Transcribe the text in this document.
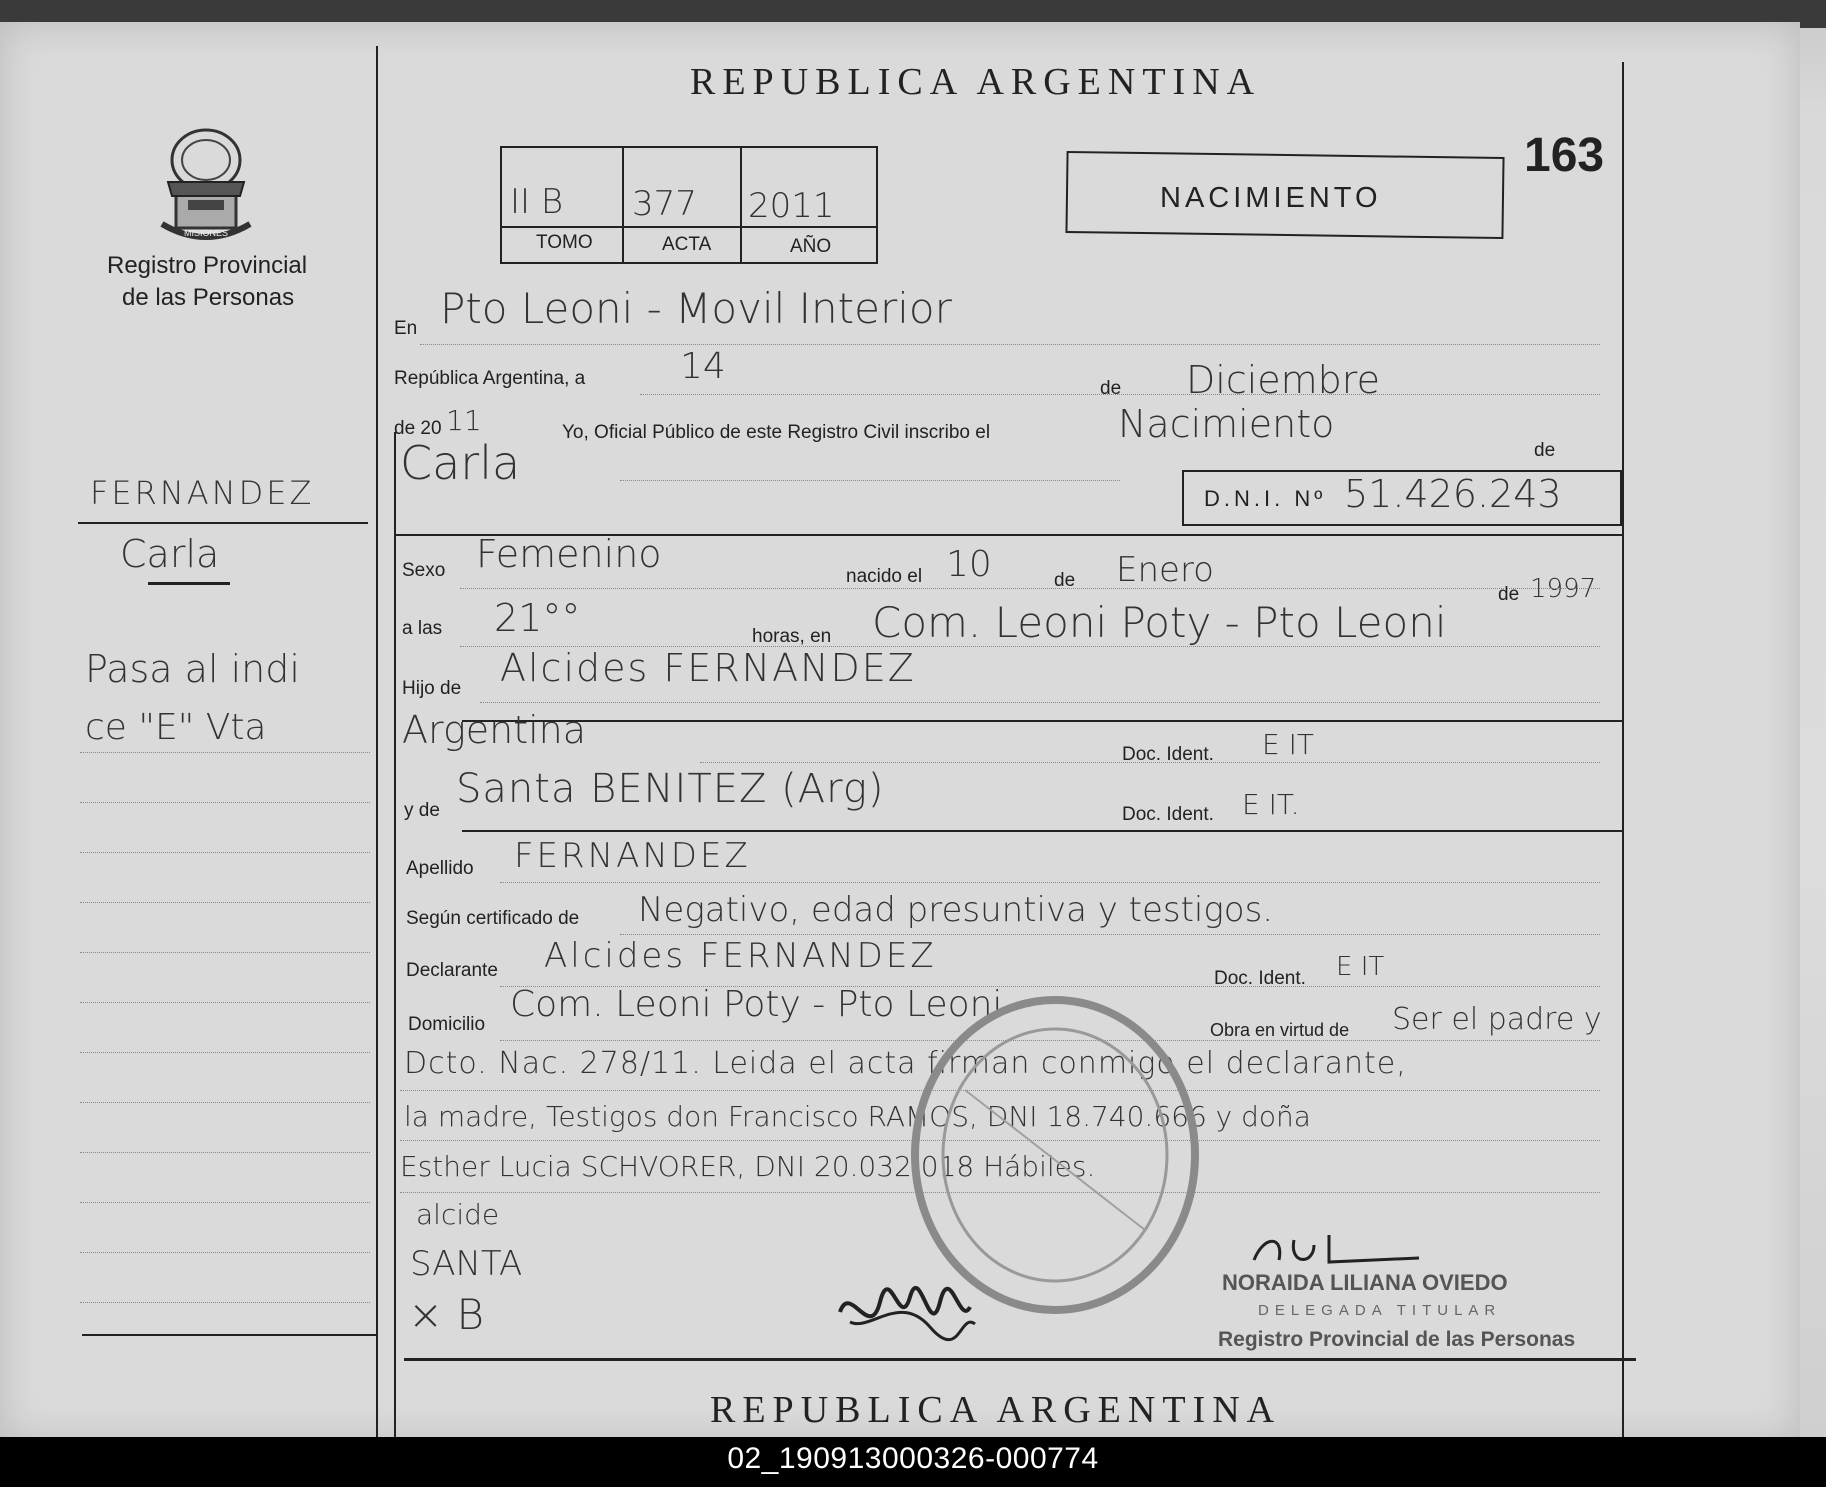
MISIONES
Registro Provincial
de las Personas
FERNANDEZ
Carla
Pasa al indi
ce "E" Vta
REPUBLICA ARGENTINA
163
II B 377 2011
TOMO	ACTA	AÑO
NACIMIENTO
En Pto Leoni - Movil Interior
República Argentina, a	14
de Diciembre
de 20 11	Yo, Oficial Público de este Registro Civil inscribo el	Nacimiento
de
Carla
D.N.I. Nº 51.426.243
Sexo Femenino
nacido el 10	de Enero
de 1997
a las 21°°	horas, en Com. Leoni Poty - Pto Leoni
Hijo de Alcides FERNANDEZ
Argentina
Doc. Ident. E IT
y de Santa BENITEZ (Arg)
Doc. Ident. E IT.
Apellido FERNANDEZ
Según certificado de Negativo, edad presuntiva y testigos.
Declarante Alcides FERNANDEZ
Doc. Ident. E IT
Domicilio Com. Leoni Poty - Pto Leoni
Obra en virtud de Ser el padre y
Dcto. Nac. 278/11. Leida el acta firman conmigo el declarante,
la madre, Testigos don Francisco RAMOS, DNI 18.740.666 y doña
Esther Lucia SCHVORER, DNI 20.032.018 Hábiles.
alcide
SANTA
× B
NORAIDA LILIANA OVIEDO
DELEGADA TITULAR
Registro Provincial de las Personas
REPUBLICA ARGENTINA
02_190913000326-000774
